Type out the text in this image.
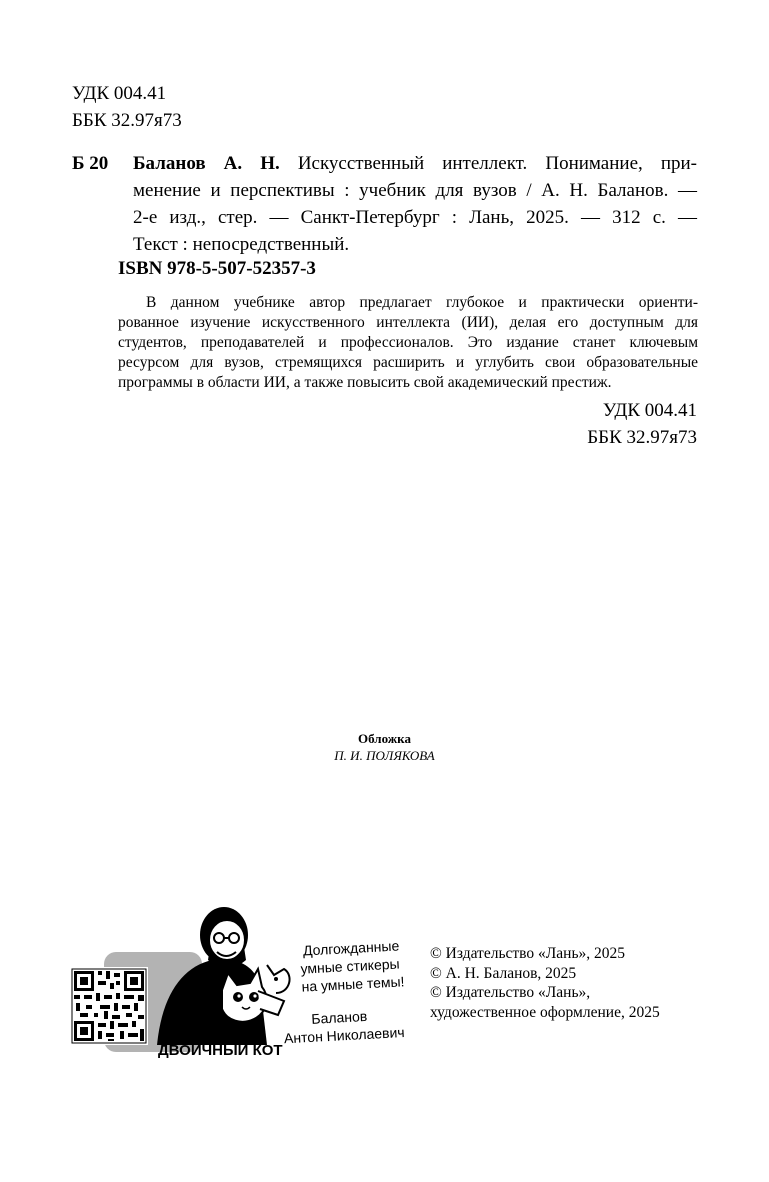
УДК 004.41
ББК 32.97я73
Б 20 Баланов А. Н. Искусственный интеллект. Понимание, при-
менение и перспективы : учебник для вузов / А. Н. Баланов. —
2-е изд., стер. — Санкт-Петербург : Лань, 2025. — 312 с. —
Текст : непосредственный.
ISBN 978-5-507-52357-3
В данном учебнике автор предлагает глубокое и практически ориенти-
рованное изучение искусственного интеллекта (ИИ), делая его доступным для
студентов, преподавателей и профессионалов. Это издание станет ключевым
ресурсом для вузов, стремящихся расширить и углубить свои образовательные
программы в области ИИ, а также повысить свой академический престиж.
УДК 004.41
ББК 32.97я73
Обложка
П. И. ПОЛЯКОВА
ДВОИЧНЫЙ КОТ
Долгожданные
умные стикеры
на умные темы!
Баланов
Антон Николаевич
© Издательство «Лань», 2025
© А. Н. Баланов, 2025
© Издательство «Лань»,
художественное оформление, 2025
